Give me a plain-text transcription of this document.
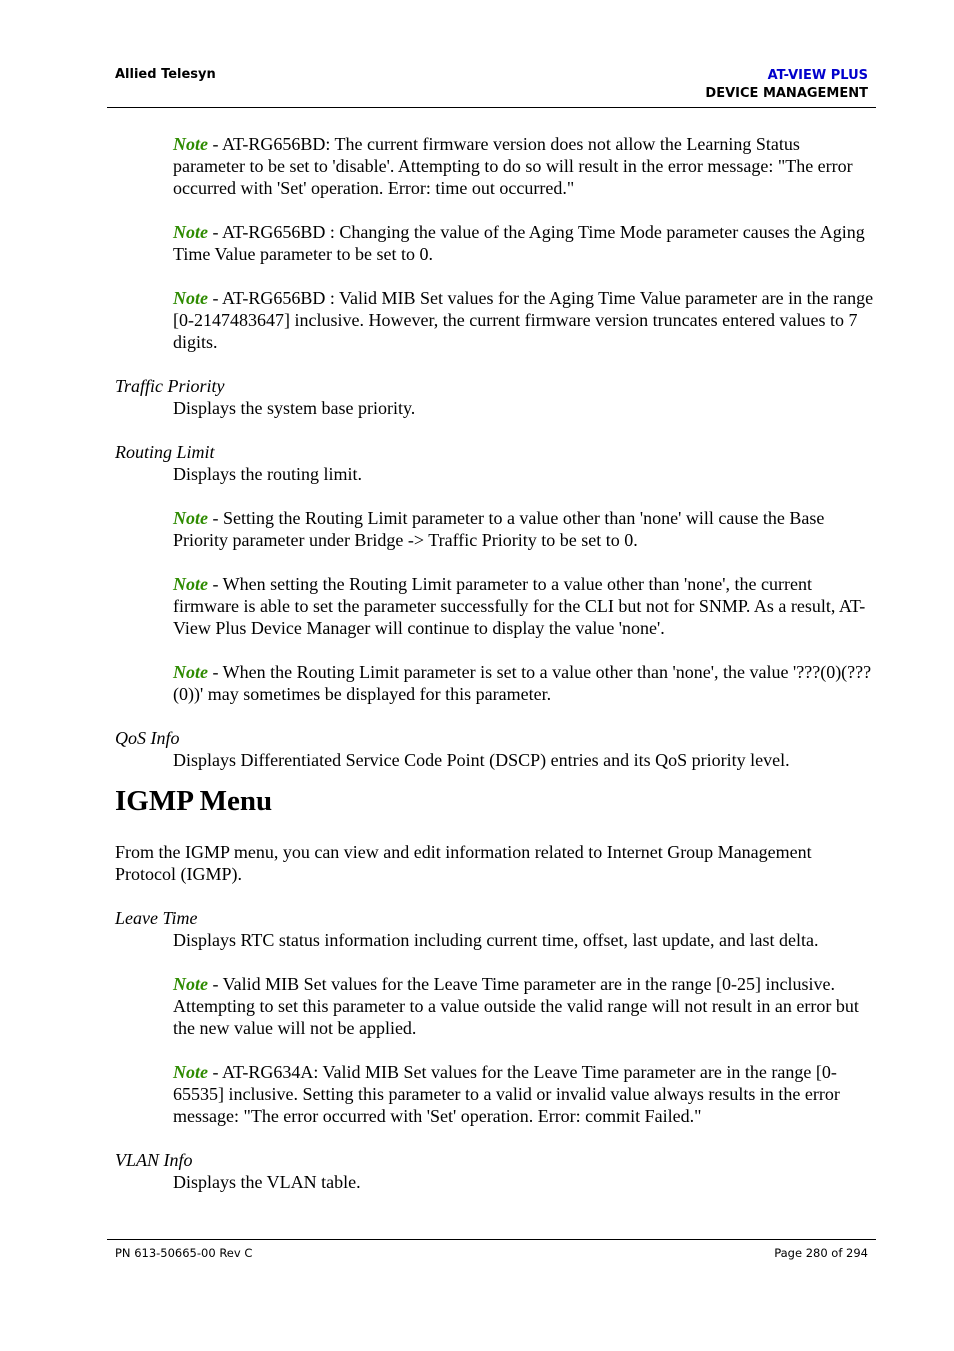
Allied Telesyn	AT-VIEW PLUS
DEVICE MANAGEMENT

Note - AT-RG656BD: The current firmware version does not allow the Learning Status parameter to be set to 'disable'. Attempting to do so will result in the error message: "The error occurred with 'Set' operation. Error: time out occurred."

Note - AT-RG656BD : Changing the value of the Aging Time Mode parameter causes the Aging Time Value parameter to be set to 0.

Note - AT-RG656BD : Valid MIB Set values for the Aging Time Value parameter are in the range [0-2147483647] inclusive. However, the current firmware version truncates entered values to 7 digits.

Traffic Priority

Displays the system base priority.

Routing Limit

Displays the routing limit.

Note - Setting the Routing Limit parameter to a value other than 'none' will cause the Base Priority parameter under Bridge -> Traffic Priority to be set to 0.

Note - When setting the Routing Limit parameter to a value other than 'none', the current firmware is able to set the parameter successfully for the CLI but not for SNMP. As a result, AT-View Plus Device Manager will continue to display the value 'none'.

Note - When the Routing Limit parameter is set to a value other than 'none', the value '???(0)(???(0))' may sometimes be displayed for this parameter.

QoS Info

Displays Differentiated Service Code Point (DSCP) entries and its QoS priority level.

IGMP Menu

From the IGMP menu, you can view and edit information related to Internet Group Management Protocol (IGMP).

Leave Time

Displays RTC status information including current time, offset, last update, and last delta.

Note - Valid MIB Set values for the Leave Time parameter are in the range [0-25] inclusive. Attempting to set this parameter to a value outside the valid range will not result in an error but the new value will not be applied.

Note - AT-RG634A: Valid MIB Set values for the Leave Time parameter are in the range [0-65535] inclusive. Setting this parameter to a valid or invalid value always results in the error message: "The error occurred with 'Set' operation. Error: commit Failed."

VLAN Info

Displays the VLAN table.

PN 613-50665-00 Rev C	Page 280 of 294
